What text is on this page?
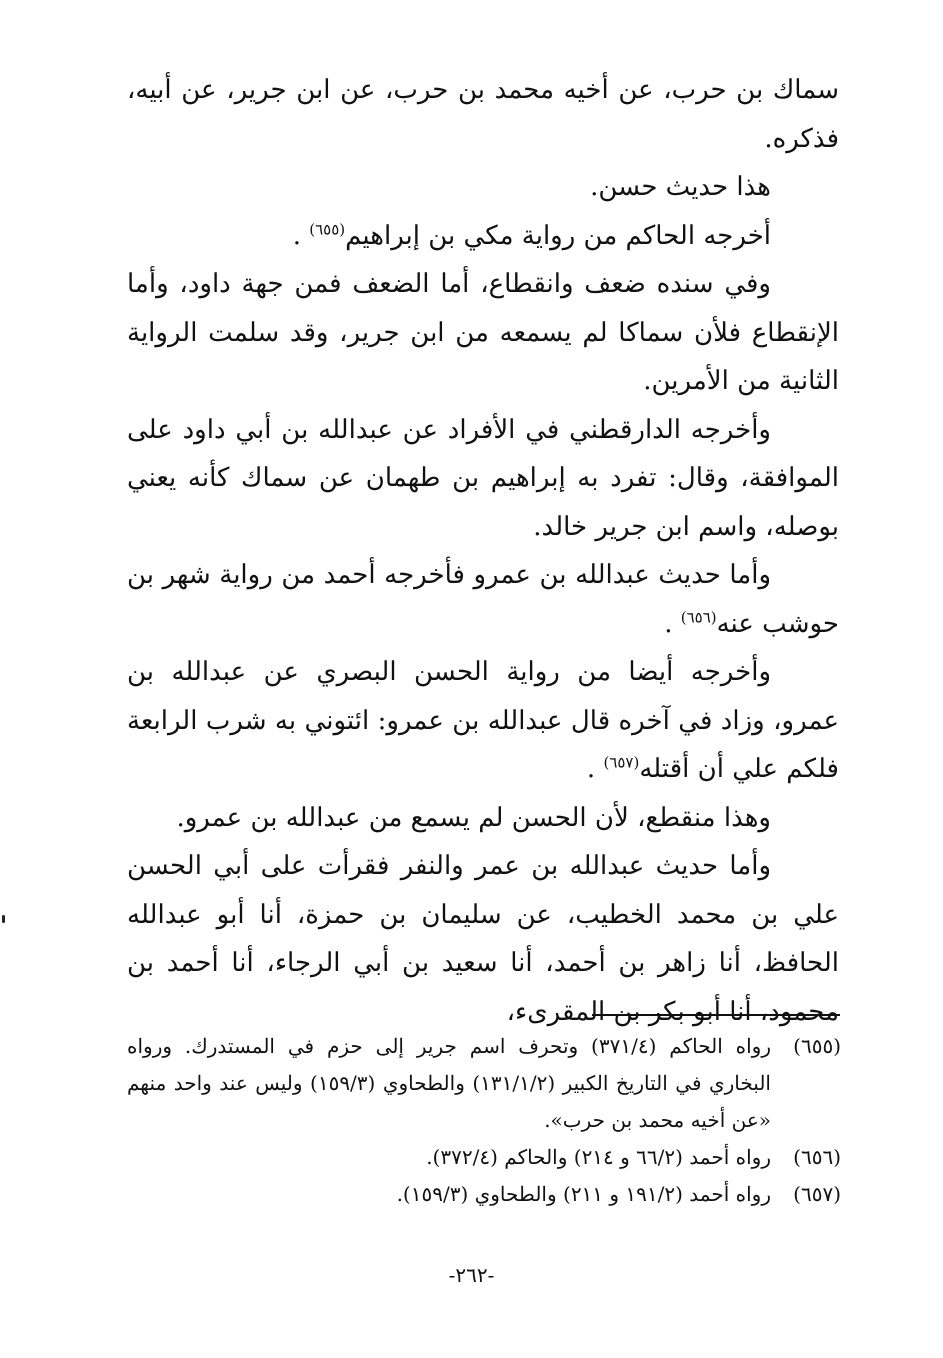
سماك بن حرب، عن أخيه محمد بن حرب، عن ابن جرير، عن أبيه، فذكره.

هذا حديث حسن.

أخرجه الحاكم من رواية مكي بن إبراهيم$^{(٦٥٥)}$ .

وفي سنده ضعف وانقطاع، أما الضعف فمن جهة داود، وأما الإنقطاع فلأن سماكا لم يسمعه من ابن جرير، وقد سلمت الرواية الثانية من الأمرين.

وأخرجه الدارقطني في الأفراد عن عبدالله بن أبي داود على الموافقة، وقال: تفرد به إبراهيم بن طهمان عن سماك كأنه يعني بوصله، واسم ابن جرير خالد.

وأما حديث عبدالله بن عمرو فأخرجه أحمد من رواية شهر بن حوشب عنه$^{(٦٥٦)}$ .

وأخرجه أيضا من رواية الحسن البصري عن عبدالله بن عمرو، وزاد في آخره قال عبدالله بن عمرو: ائتوني به شرب الرابعة فلكم علي أن أقتله$^{(٦٥٧)}$ .

وهذا منقطع، لأن الحسن لم يسمع من عبدالله بن عمرو.

وأما حديث عبدالله بن عمر والنفر فقرأت على أبي الحسن علي بن محمد الخطيب، عن سليمان بن حمزة، أنا أبو عبدالله الحافظ، أنا زاهر بن أحمد، أنا سعيد بن أبي الرجاء، أنا أحمد بن محمود، أنا أبو بكر بن المقرىء،

(٦٥٥)
رواه الحاكم (٣٧١/٤) وتحرف اسم جرير إلى حزم في المستدرك. ورواه البخاري في التاريخ الكبير (١٣١/١/٢) والطحاوي (١٥٩/٣) وليس عند واحد منهم «عن أخيه محمد بن حرب».

(٦٥٦)
رواه أحمد (٦٦/٢ و ٢١٤) والحاكم (٣٧٢/٤).

(٦٥٧)
رواه أحمد (١٩١/٢ و ٢١١) والطحاوي (١٥٩/٣).

-٢٦٢-
